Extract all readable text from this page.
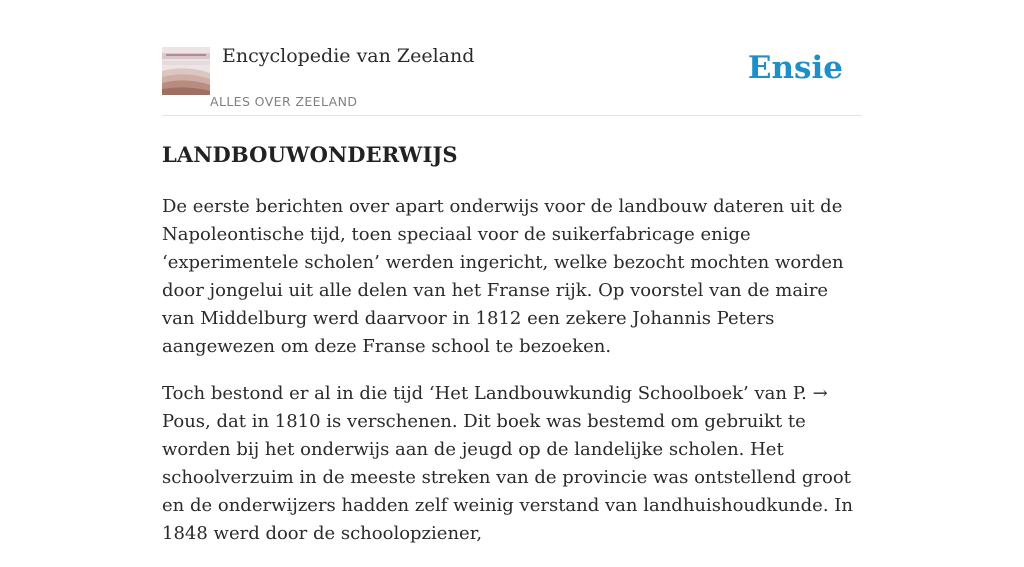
Encyclopedie van Zeeland
ALLES OVER ZEELAND
Ensie
LANDBOUWONDERWIJS

De eerste berichten over apart onderwijs voor de landbouw dateren uit de Napoleontische tijd, toen speciaal voor de suikerfabricage enige ‘experimentele scholen’ werden ingericht, welke bezocht mochten worden door jongelui uit alle delen van het Franse rijk. Op voorstel van de maire van Middelburg werd daarvoor in 1812 een zekere Johannis Peters aangewezen om deze Franse school te bezoeken.

Toch bestond er al in die tijd ‘Het Landbouwkundig Schoolboek’ van P. → Pous, dat in 1810 is verschenen. Dit boek was bestemd om gebruikt te worden bij het onderwijs aan de jeugd op de landelijke scholen. Het schoolverzuim in de meeste streken van de provincie was ontstellend groot en de onderwijzers hadden zelf weinig verstand van landhuishoudkunde. In 1848 werd door de schoolopziener,
